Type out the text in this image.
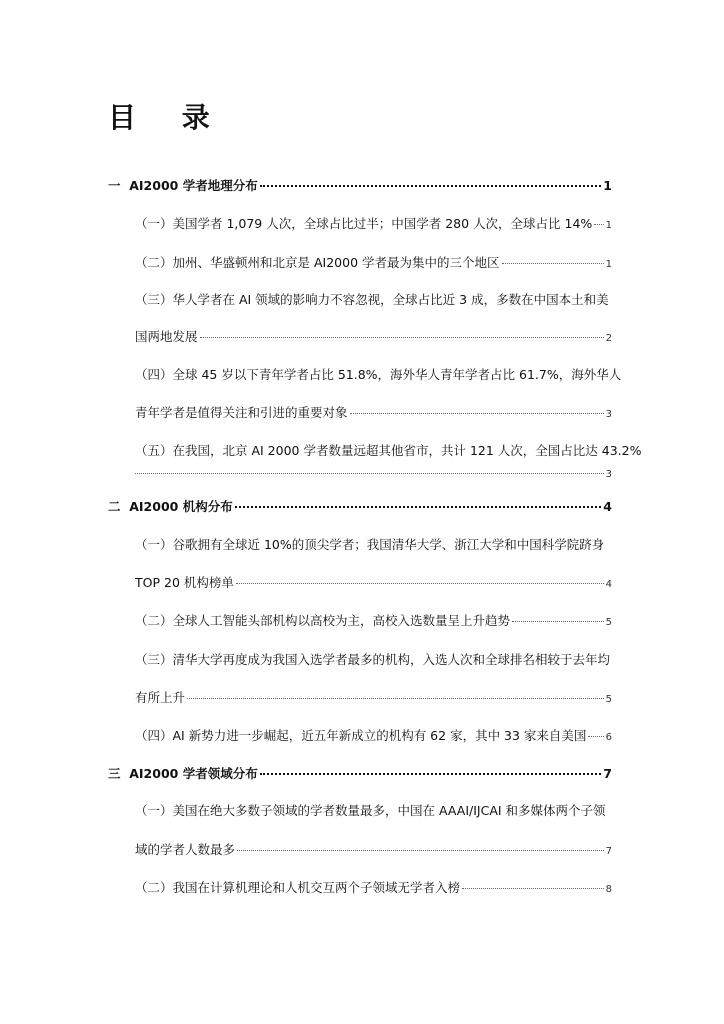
目 录
一 AI2000 学者地理分布	1
（一）美国学者 1,079 人次，全球占比过半；中国学者 280 人次，全球占比 14% 1
（二）加州、华盛顿州和北京是 AI2000 学者最为集中的三个地区	1
（三）华人学者在 AI 领域的影响力不容忽视，全球占比近 3 成，多数在中国本土和美
国两地发展	2
（四）全球 45 岁以下青年学者占比 51.8%，海外华人青年学者占比 61.7%，海外华人
青年学者是值得关注和引进的重要对象	3
（五）在我国，北京 AI 2000 学者数量远超其他省市，共计 121 人次，全国占比达 43.2%
3
二 AI2000 机构分布	4
（一）谷歌拥有全球近 10%的顶尖学者；我国清华大学、浙江大学和中国科学院跻身
TOP 20 机构榜单	4
（二）全球人工智能头部机构以高校为主，高校入选数量呈上升趋势	5
（三）清华大学再度成为我国入选学者最多的机构，入选人次和全球排名相较于去年均
有所上升	5
（四）AI 新势力进一步崛起，近五年新成立的机构有 62 家，其中 33 家来自美国 6
三 AI2000 学者领域分布	7
（一）美国在绝大多数子领域的学者数量最多，中国在 AAAI/IJCAI 和多媒体两个子领
域的学者人数最多	7
（二）我国在计算机理论和人机交互两个子领域无学者入榜	8
